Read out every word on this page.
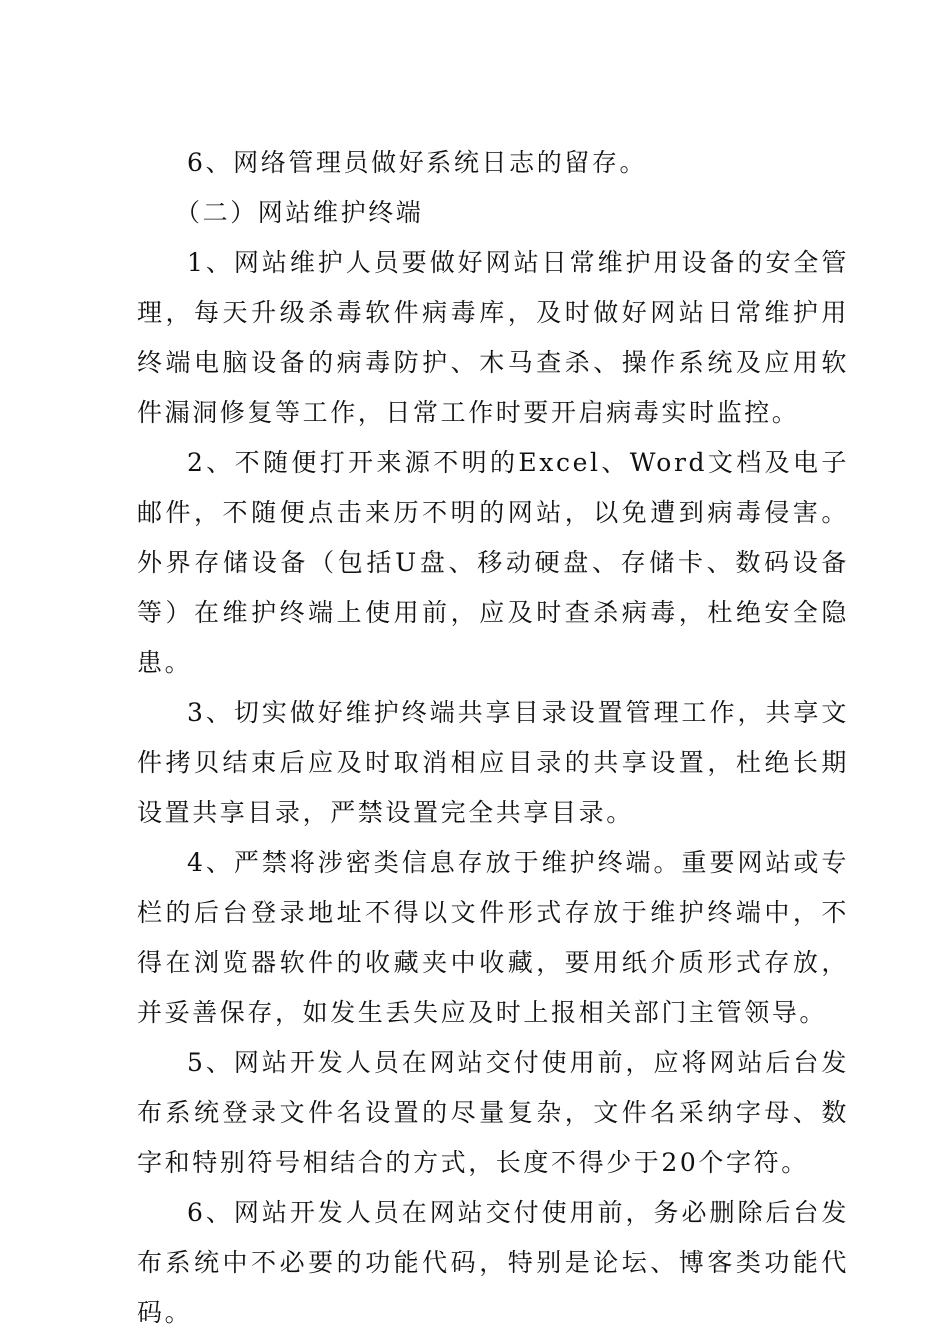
6、网络管理员做好系统日志的留存。

（二）网站维护终端

1、网站维护人员要做好网站日常维护用设备的安全管理，每天升级杀毒软件病毒库，及时做好网站日常维护用终端电脑设备的病毒防护、木马查杀、操作系统及应用软件漏洞修复等工作，日常工作时要开启病毒实时监控。

2、不随便打开来源不明的Excel、Word文档及电子邮件，不随便点击来历不明的网站，以免遭到病毒侵害。外界存储设备（包括U盘、移动硬盘、存储卡、数码设备等）在维护终端上使用前，应及时查杀病毒，杜绝安全隐患。

3、切实做好维护终端共享目录设置管理工作，共享文件拷贝结束后应及时取消相应目录的共享设置，杜绝长期设置共享目录，严禁设置完全共享目录。

4、严禁将涉密类信息存放于维护终端。重要网站或专栏的后台登录地址不得以文件形式存放于维护终端中，不得在浏览器软件的收藏夹中收藏，要用纸介质形式存放，并妥善保存，如发生丢失应及时上报相关部门主管领导。

5、网站开发人员在网站交付使用前，应将网站后台发布系统登录文件名设置的尽量复杂，文件名采纳字母、数字和特别符号相结合的方式，长度不得少于20个字符。

6、网站开发人员在网站交付使用前，务必删除后台发布系统中不必要的功能代码，特别是论坛、博客类功能代码。
